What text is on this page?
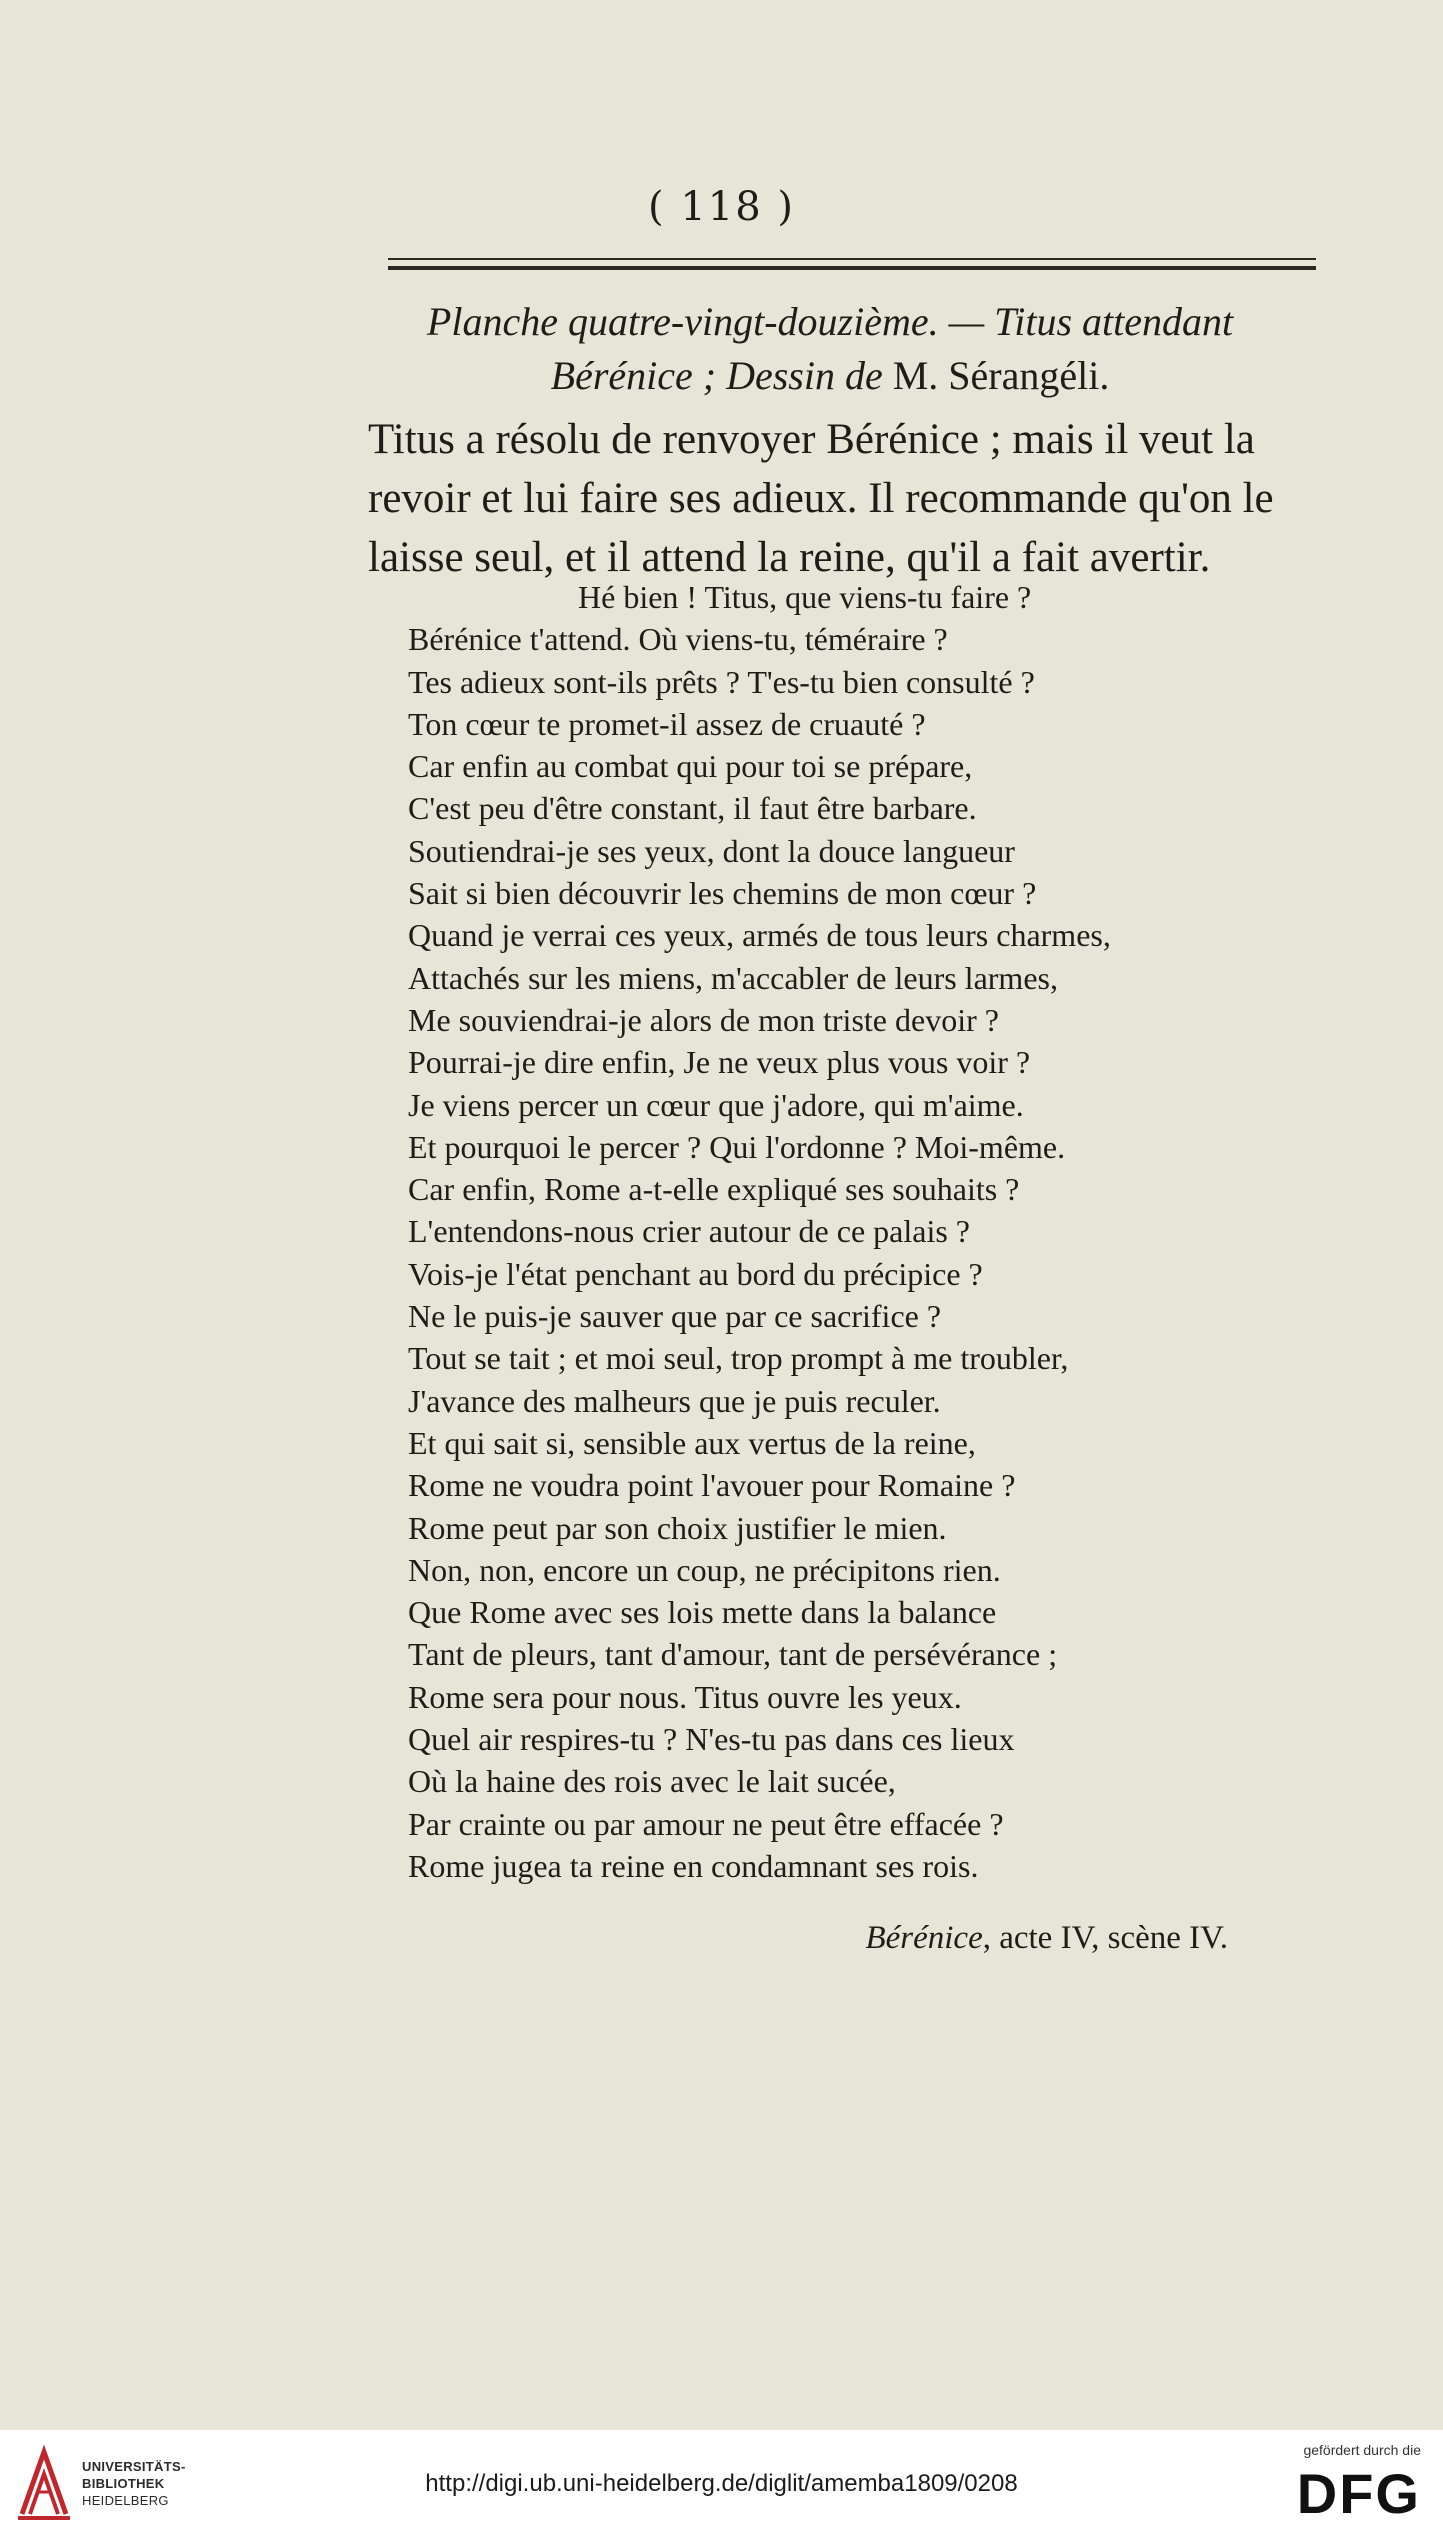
( 118 )
Planche quatre-vingt-douzième. — Titus attendant
Bérénice ; Dessin de M. Sérangéli.
Titus a résolu de renvoyer Bérénice ; mais il veut la
revoir et lui faire ses adieux. Il recommande qu'on le
laisse seul, et il attend la reine, qu'il a fait avertir.
Hé bien ! Titus, que viens-tu faire ?
Bérénice t'attend. Où viens-tu, téméraire ?
Tes adieux sont-ils prêts ? T'es-tu bien consulté ?
Ton cœur te promet-il assez de cruauté ?
Car enfin au combat qui pour toi se prépare,
C'est peu d'être constant, il faut être barbare.
Soutiendrai-je ses yeux, dont la douce langueur
Sait si bien découvrir les chemins de mon cœur ?
Quand je verrai ces yeux, armés de tous leurs charmes,
Attachés sur les miens, m'accabler de leurs larmes,
Me souviendrai-je alors de mon triste devoir ?
Pourrai-je dire enfin, Je ne veux plus vous voir ?
Je viens percer un cœur que j'adore, qui m'aime.
Et pourquoi le percer ? Qui l'ordonne ? Moi-même.
Car enfin, Rome a-t-elle expliqué ses souhaits ?
L'entendons-nous crier autour de ce palais ?
Vois-je l'état penchant au bord du précipice ?
Ne le puis-je sauver que par ce sacrifice ?
Tout se tait ; et moi seul, trop prompt à me troubler,
J'avance des malheurs que je puis reculer.
Et qui sait si, sensible aux vertus de la reine,
Rome ne voudra point l'avouer pour Romaine ?
Rome peut par son choix justifier le mien.
Non, non, encore un coup, ne précipitons rien.
Que Rome avec ses lois mette dans la balance
Tant de pleurs, tant d'amour, tant de persévérance ;
Rome sera pour nous. Titus ouvre les yeux.
Quel air respires-tu ? N'es-tu pas dans ces lieux
Où la haine des rois avec le lait sucée,
Par crainte ou par amour ne peut être effacée ?
Rome jugea ta reine en condamnant ses rois.
Bérénice, acte IV, scène IV.
UNIVERSITÄTS-
BIBLIOTHEK
HEIDELBERG
http://digi.ub.uni-heidelberg.de/diglit/amemba1809/0208
gefördert durch die
DFG
